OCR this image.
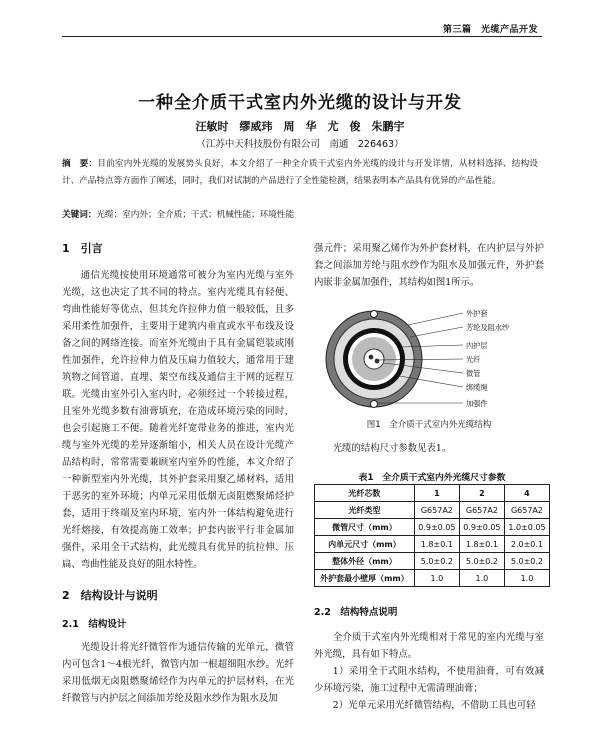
第三篇　光缆产品开发
一种全介质干式室内外光缆的设计与开发
汪敏时　缪威玮　周　华　尤　俊　朱鹏宇
（江苏中天科技股份有限公司　南通　226463）
摘　要：目前室内外光缆的发展势头良好，本文介绍了一种全介质干式室内外光缆的设计与开发详情，从材料选择、结构设计、产品特点等方面作了阐述，同时，我们对试制的产品进行了全性能检测，结果表明本产品具有优异的产品性能。
关键词：光缆；室内外；全介质；干式；机械性能；环境性能
1　引言

通信光缆按使用环境通常可被分为室内光缆与室外光缆，这也决定了其不同的特点。室内光缆具有轻便、弯曲性能好等优点，但其允许拉伸力值一般较低，且多采用柔性加强件，主要用于建筑内垂直或水平布线及设备之间的网络连接。而室外光缆由于具有金属铠装或刚性加强件，允许拉伸力值及压扁力值较大，通常用于建筑物之间管道、直埋、架空布线及通信主干网的远程互联。光缆由室外引入室内时，必须经过一个转接过程，且室外光缆多数有油膏填充，在造成环境污染的同时，也会引起施工不便。随着光纤宽带业务的推进，室内光缆与室外光缆的差异逐渐缩小，相关人员在设计光缆产品结构时，常常需要兼顾室内室外的性能，本文介绍了一种新型室内外光缆，其外护套采用聚乙烯材料，适用于恶劣的室外环境；内单元采用低烟无卤阻燃聚烯烃护套，适用于终端及室内环境，室内外一体结构避免进行光纤熔接，有效提高施工效率；护套内嵌平行非金属加强件，采用全干式结构，此光缆具有优异的抗拉伸、压扁、弯曲性能及良好的阻水特性。

2　结构设计与说明
2.1　结构设计

光缆设计将光纤微管作为通信传输的光单元，微管内可包含1～4根光纤，微管内加一根超细阻水纱。光纤采用低烟无卤阻燃聚烯烃作为内单元的护层材料，在光纤微管与内护层之间添加芳纶及阻水纱作为阻水及加

强元件；采用聚乙烯作为外护套材料，在内护层与外护套之间添加芳纶与阻水纱作为阻水及加强元件，外护套内嵌非金属加强件，其结构如图1所示。

外护套
芳纶及阻水纱
内护层
光纤
微管
绑缆绳
加强件
图1　全介质干式室内外光缆结构

光缆的结构尺寸参数见表1。

表1　全介质干式室内外光缆尺寸参数
光纤芯数	1	2	4
光纤类型	G657A2	G657A2	G657A2
微管尺寸（mm）	0.9±0.05	0.9±0.05	1.0±0.05
内单元尺寸（mm）	1.8±0.1	1.8±0.1	2.0±0.1
整体外径（mm）	5.0±0.2	5.0±0.2	5.0±0.2
外护套最小壁厚（mm）	1.0	1.0	1.0
2.2　结构特点说明

全介质干式室内外光缆相对于常见的室内光缆与室外光缆，具有如下特点。

1）采用全干式阻水结构，不使用油膏，可有效减少环境污染，施工过程中无需清理油膏；

2）光单元采用光纤微管结构，不借助工具也可轻
